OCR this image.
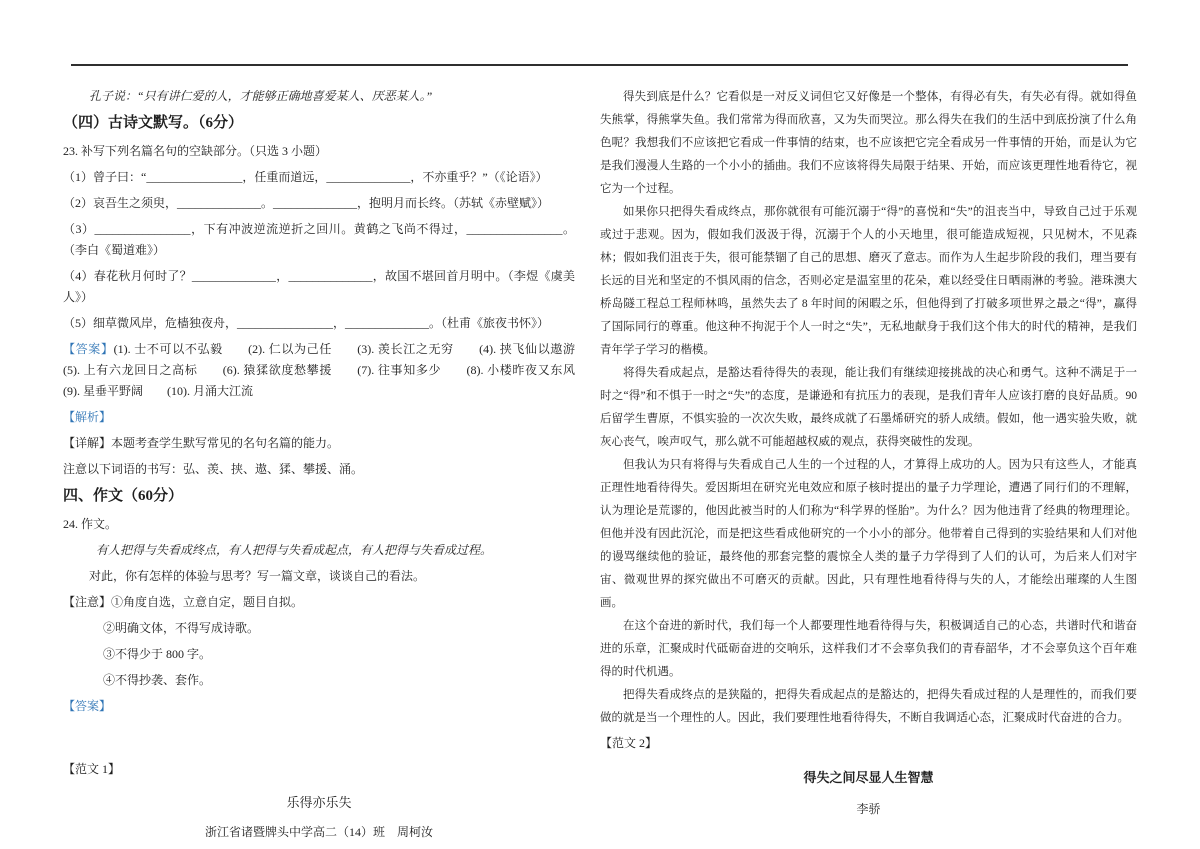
孔子说：“只有讲仁爱的人，才能够正确地喜爱某人、厌恶某人。”

（四）古诗文默写。（6分）

23. 补写下列名篇名句的空缺部分。（只选 3 小题）

（1）曾子曰：“________________，任重而道远，______________，不亦重乎？”（《论语》）

（2）哀吾生之须臾，______________。______________，抱明月而长终。（苏轼《赤壁赋》）

（3）________________，下有冲波逆流逆折之回川。黄鹤之飞尚不得过，________________。（李白《蜀道难》）

（4）春花秋月何时了？______________，______________，故国不堪回首月明中。（李煜《虞美人》）

（5）细草微风岸，危樯独夜舟，________________，______________。（杜甫《旅夜书怀》）

【答案】(1). 士不可以不弘毅　　(2). 仁以为己任　　(3). 羡长江之无穷　　(4). 挟飞仙以遨游　　(5). 上有六龙回日之高标　　(6). 猿猱欲度愁攀援　　(7). 往事知多少　　(8). 小楼昨夜又东风　　(9). 星垂平野阔　　(10). 月涌大江流

【解析】

【详解】本题考查学生默写常见的名句名篇的能力。

注意以下词语的书写：弘、羡、挟、遨、猱、攀援、涌。

四、作文（60分）

24. 作文。

有人把得与失看成终点，有人把得与失看成起点，有人把得与失看成过程。

对此，你有怎样的体验与思考？写一篇文章，谈谈自己的看法。

【注意】①角度自选，立意自定，题目自拟。

②明确文体，不得写成诗歌。

③不得少于 800 字。

④不得抄袭、套作。

【答案】

【范文 1】

乐得亦乐失

浙江省诸暨牌头中学高二（14）班　周柯汝

得失到底是什么？它看似是一对反义词但它又好像是一个整体，有得必有失，有失必有得。就如得鱼失熊掌，得熊掌失鱼。我们常常为得而欣喜，又为失而哭泣。那么得失在我们的生活中到底扮演了什么角色呢？我想我们不应该把它看成一件事情的结束，也不应该把它完全看成另一件事情的开始，而是认为它是我们漫漫人生路的一个小小的插曲。我们不应该将得失局限于结果、开始，而应该更理性地看待它，视它为一个过程。

如果你只把得失看成终点，那你就很有可能沉溺于“得”的喜悦和“失”的沮丧当中，导致自己过于乐观或过于悲观。因为，假如我们汲汲于得，沉溺于个人的小天地里，很可能造成短视，只见树木，不见森林；假如我们沮丧于失，很可能禁锢了自己的思想、磨灭了意志。而作为人生起步阶段的我们，理当要有长远的目光和坚定的不惧风雨的信念，否则必定是温室里的花朵，难以经受住日晒雨淋的考验。港珠澳大桥岛隧工程总工程师林鸣，虽然失去了 8 年时间的闲暇之乐，但他得到了打破多项世界之最之“得”，赢得了国际同行的尊重。他这种不拘泥于个人一时之“失”，无私地献身于我们这个伟大的时代的精神，是我们青年学子学习的楷模。

将得失看成起点，是豁达看待得失的表现，能让我们有继续迎接挑战的决心和勇气。这种不满足于一时之“得”和不惧于一时之“失”的态度，是谦逊和有抗压力的表现，是我们青年人应该打磨的良好品质。90 后留学生曹原，不惧实验的一次次失败，最终成就了石墨烯研究的骄人成绩。假如，他一遇实验失败，就灰心丧气，唉声叹气，那么就不可能超越权威的观点，获得突破性的发现。

但我认为只有将得与失看成自己人生的一个过程的人，才算得上成功的人。因为只有这些人，才能真正理性地看待得失。爱因斯坦在研究光电效应和原子核时提出的量子力学理论，遭遇了同行们的不理解，认为理论是荒谬的，他因此被当时的人们称为“科学界的怪胎”。为什么？因为他违背了经典的物理理论。但他并没有因此沉沦，而是把这些看成他研究的一个小小的部分。他带着自己得到的实验结果和人们对他的谩骂继续他的验证，最终他的那套完整的震惊全人类的量子力学得到了人们的认可，为后来人们对宇宙、微观世界的探究做出不可磨灭的贡献。因此，只有理性地看待得与失的人，才能绘出璀璨的人生图画。

在这个奋进的新时代，我们每一个人都要理性地看待得与失，积极调适自己的心态，共谱时代和谐奋进的乐章，汇聚成时代砥砺奋进的交响乐，这样我们才不会辜负我们的青春韶华，才不会辜负这个百年难得的时代机遇。

把得失看成终点的是狭隘的，把得失看成起点的是豁达的，把得失看成过程的人是理性的，而我们要做的就是当一个理性的人。因此，我们要理性地看待得失，不断自我调适心态，汇聚成时代奋进的合力。

【范文 2】

得失之间尽显人生智慧

李骄
